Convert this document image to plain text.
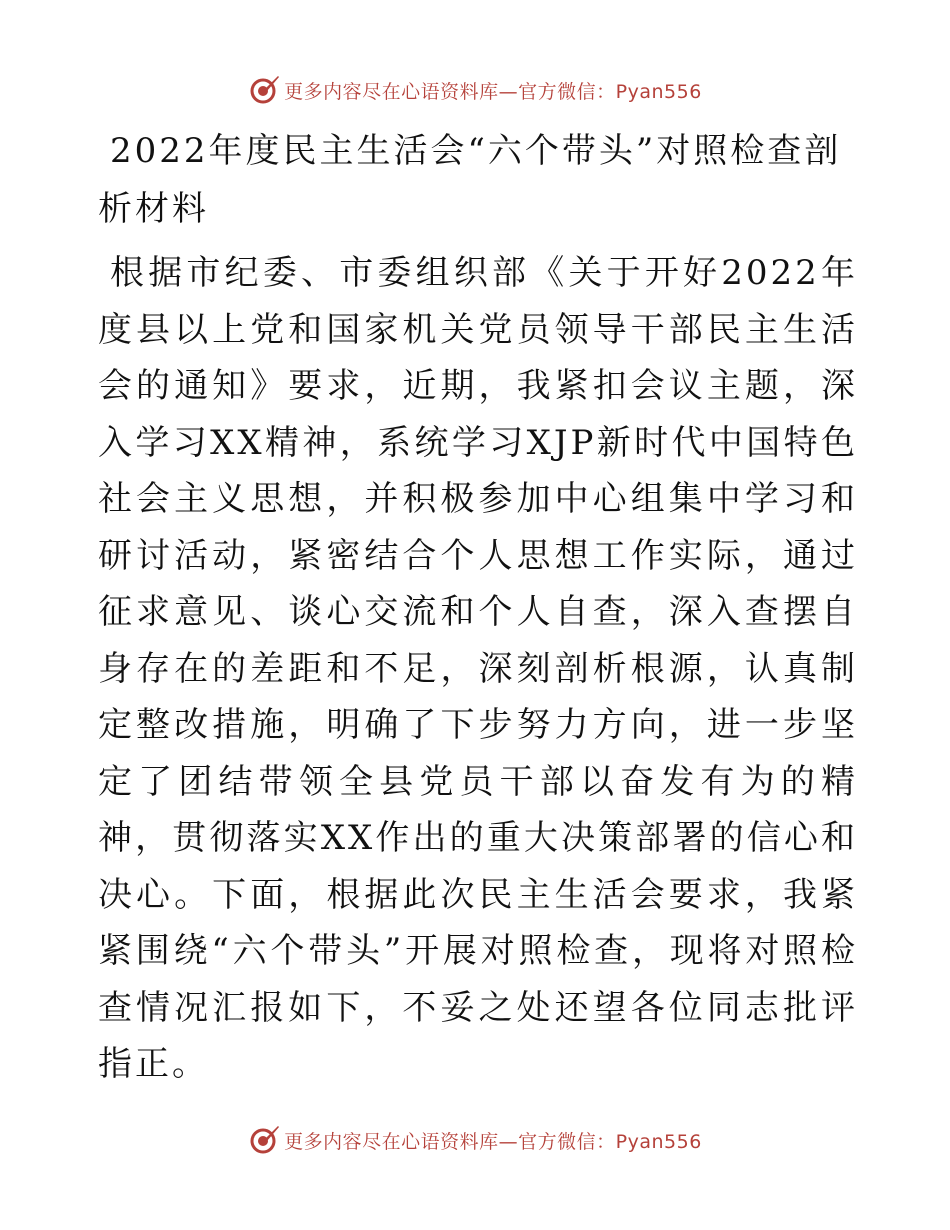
更多内容尽在心语资料库—官方微信：Pyan556
2022年度民主生活会“六个带头”对照检查剖析材料

根据市纪委、市委组织部《关于开好2022年度县以上党和国家机关党员领导干部民主生活会的通知》要求，近期，我紧扣会议主题，深入学习XX精神，系统学习XJP新时代中国特色社会主义思想，并积极参加中心组集中学习和研讨活动，紧密结合个人思想工作实际，通过征求意见、谈心交流和个人自查，深入查摆自身存在的差距和不足，深刻剖析根源，认真制定整改措施，明确了下步努力方向，进一步坚定了团结带领全县党员干部以奋发有为的精神，贯彻落实XX作出的重大决策部署的信心和决心。下面，根据此次民主生活会要求，我紧紧围绕“六个带头”开展对照检查，现将对照检查情况汇报如下，不妥之处还望各位同志批评指正。

更多内容尽在心语资料库—官方微信：Pyan556
